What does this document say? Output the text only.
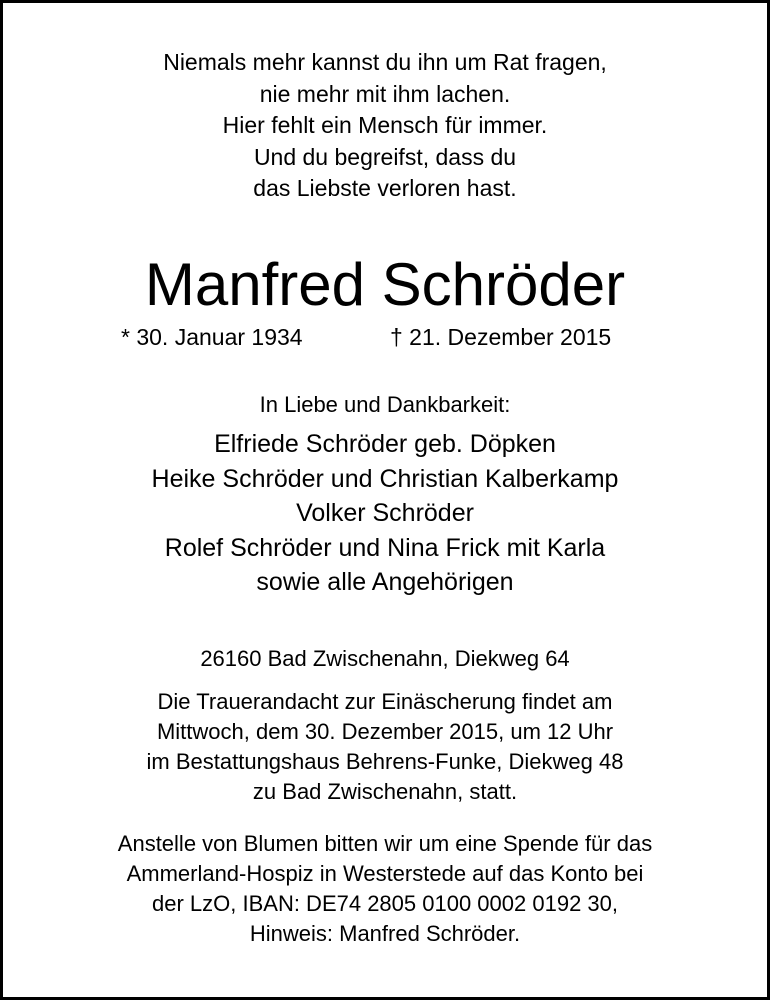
Niemals mehr kannst du ihn um Rat fragen,
nie mehr mit ihm lachen.
Hier fehlt ein Mensch für immer.
Und du begreifst, dass du
das Liebste verloren hast.
Manfred Schröder
* 30. Januar 1934	† 21. Dezember 2015
In Liebe und Dankbarkeit:
Elfriede Schröder geb. Döpken
Heike Schröder und Christian Kalberkamp
Volker Schröder
Rolef Schröder und Nina Frick mit Karla
sowie alle Angehörigen
26160 Bad Zwischenahn, Diekweg 64
Die Trauerandacht zur Einäscherung findet am
Mittwoch, dem 30. Dezember 2015, um 12 Uhr
im Bestattungshaus Behrens-Funke, Diekweg 48
zu Bad Zwischenahn, statt.
Anstelle von Blumen bitten wir um eine Spende für das
Ammerland-Hospiz in Westerstede auf das Konto bei
der LzO, IBAN: DE74 2805 0100 0002 0192 30,
Hinweis: Manfred Schröder.
